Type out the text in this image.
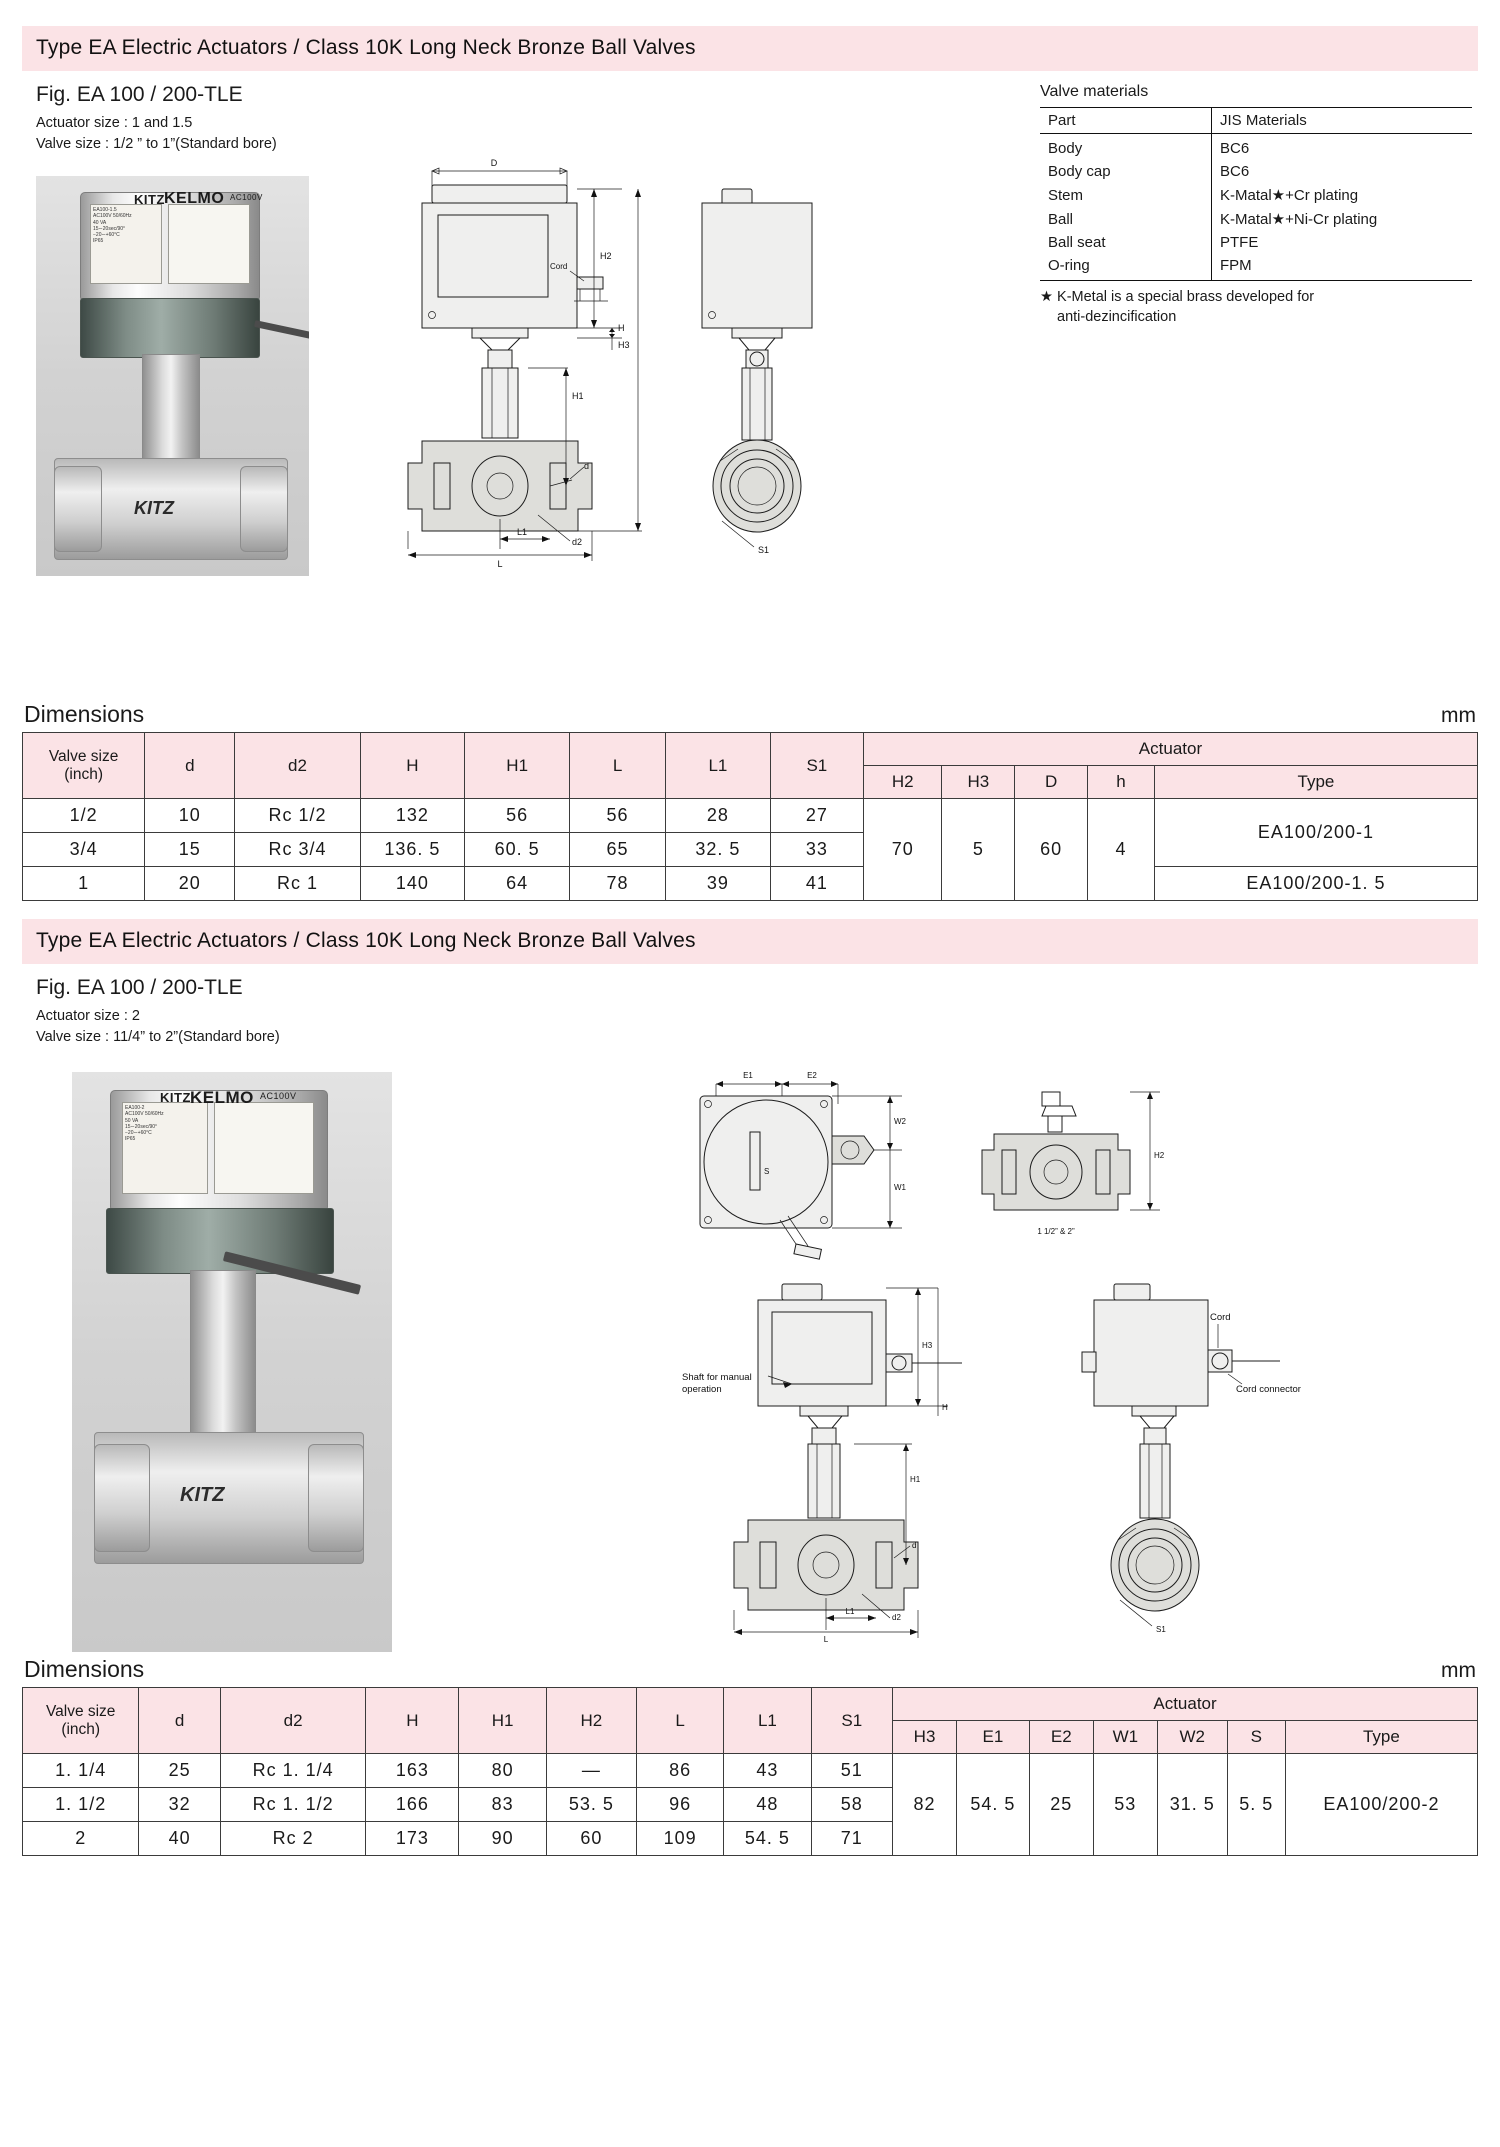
Type EA Electric Actuators / Class 10K Long Neck Bronze Ball Valves
Fig. EA 100 / 200-TLE
Actuator size : 1 and 1.5
Valve size : 1/2 ” to 1”(Standard bore)
EA100-1.5
AC100V 50/60Hz
40 VA
15∼20sec/90°
−20∼+60°C
IP65
KITZ KELMO AC100V
KITZ
D
Cord
H2
H
H3
H1
d
d2
L1
L
S1
Valve materials
Part	JIS Materials
Body	BC6
Body cap	BC6
Stem	K-Matal★+Cr plating
Ball	K-Matal★+Ni-Cr plating
Ball seat	PTFE
O-ring	FPM
★ K-Metal is a special brass developed for
anti-dezincification
Dimensions	mm
Valve size
(inch)	d	d2	H	H1	L	L1	S1	Actuator				
								H2	H3	D	h	Type
1/2	10	Rc 1/2	132	56	56	28	27	70	5	60	4	EA100/200-1
3/4	15	Rc 3/4	136. 5	60. 5	65	32. 5	33					
1	20	Rc 1	140	64	78	39	41					EA100/200-1. 5
Type EA Electric Actuators / Class 10K Long Neck Bronze Ball Valves
Fig. EA 100 / 200-TLE
Actuator size : 2
Valve size : 11/4” to 2”(Standard bore)
EA100-2
AC100V 50/60Hz
50 VA
15∼20sec/90°
−20∼+60°C
IP65
KITZ KELMO AC100V
KITZ
E1	E2
S
W2
W1
H2
1 1/2” & 2”
Shaft for manual
operation
H3
H
H1
d
L1
L
d2
Cord
Cord connector
S1
Dimensions	mm
Valve size
(inch)	d	d2	H	H1	H2	L	L1	S1	Actuator						
									H3	E1	E2	W1	W2	S	Type
1. 1/4	25	Rc 1. 1/4	163	80	—	86	43	51	82	54. 5	25	53	31. 5	5. 5	EA100/200-2
1. 1/2	32	Rc 1. 1/2	166	83	53. 5	96	48	58							
2	40	Rc 2	173	90	60	109	54. 5	71							
